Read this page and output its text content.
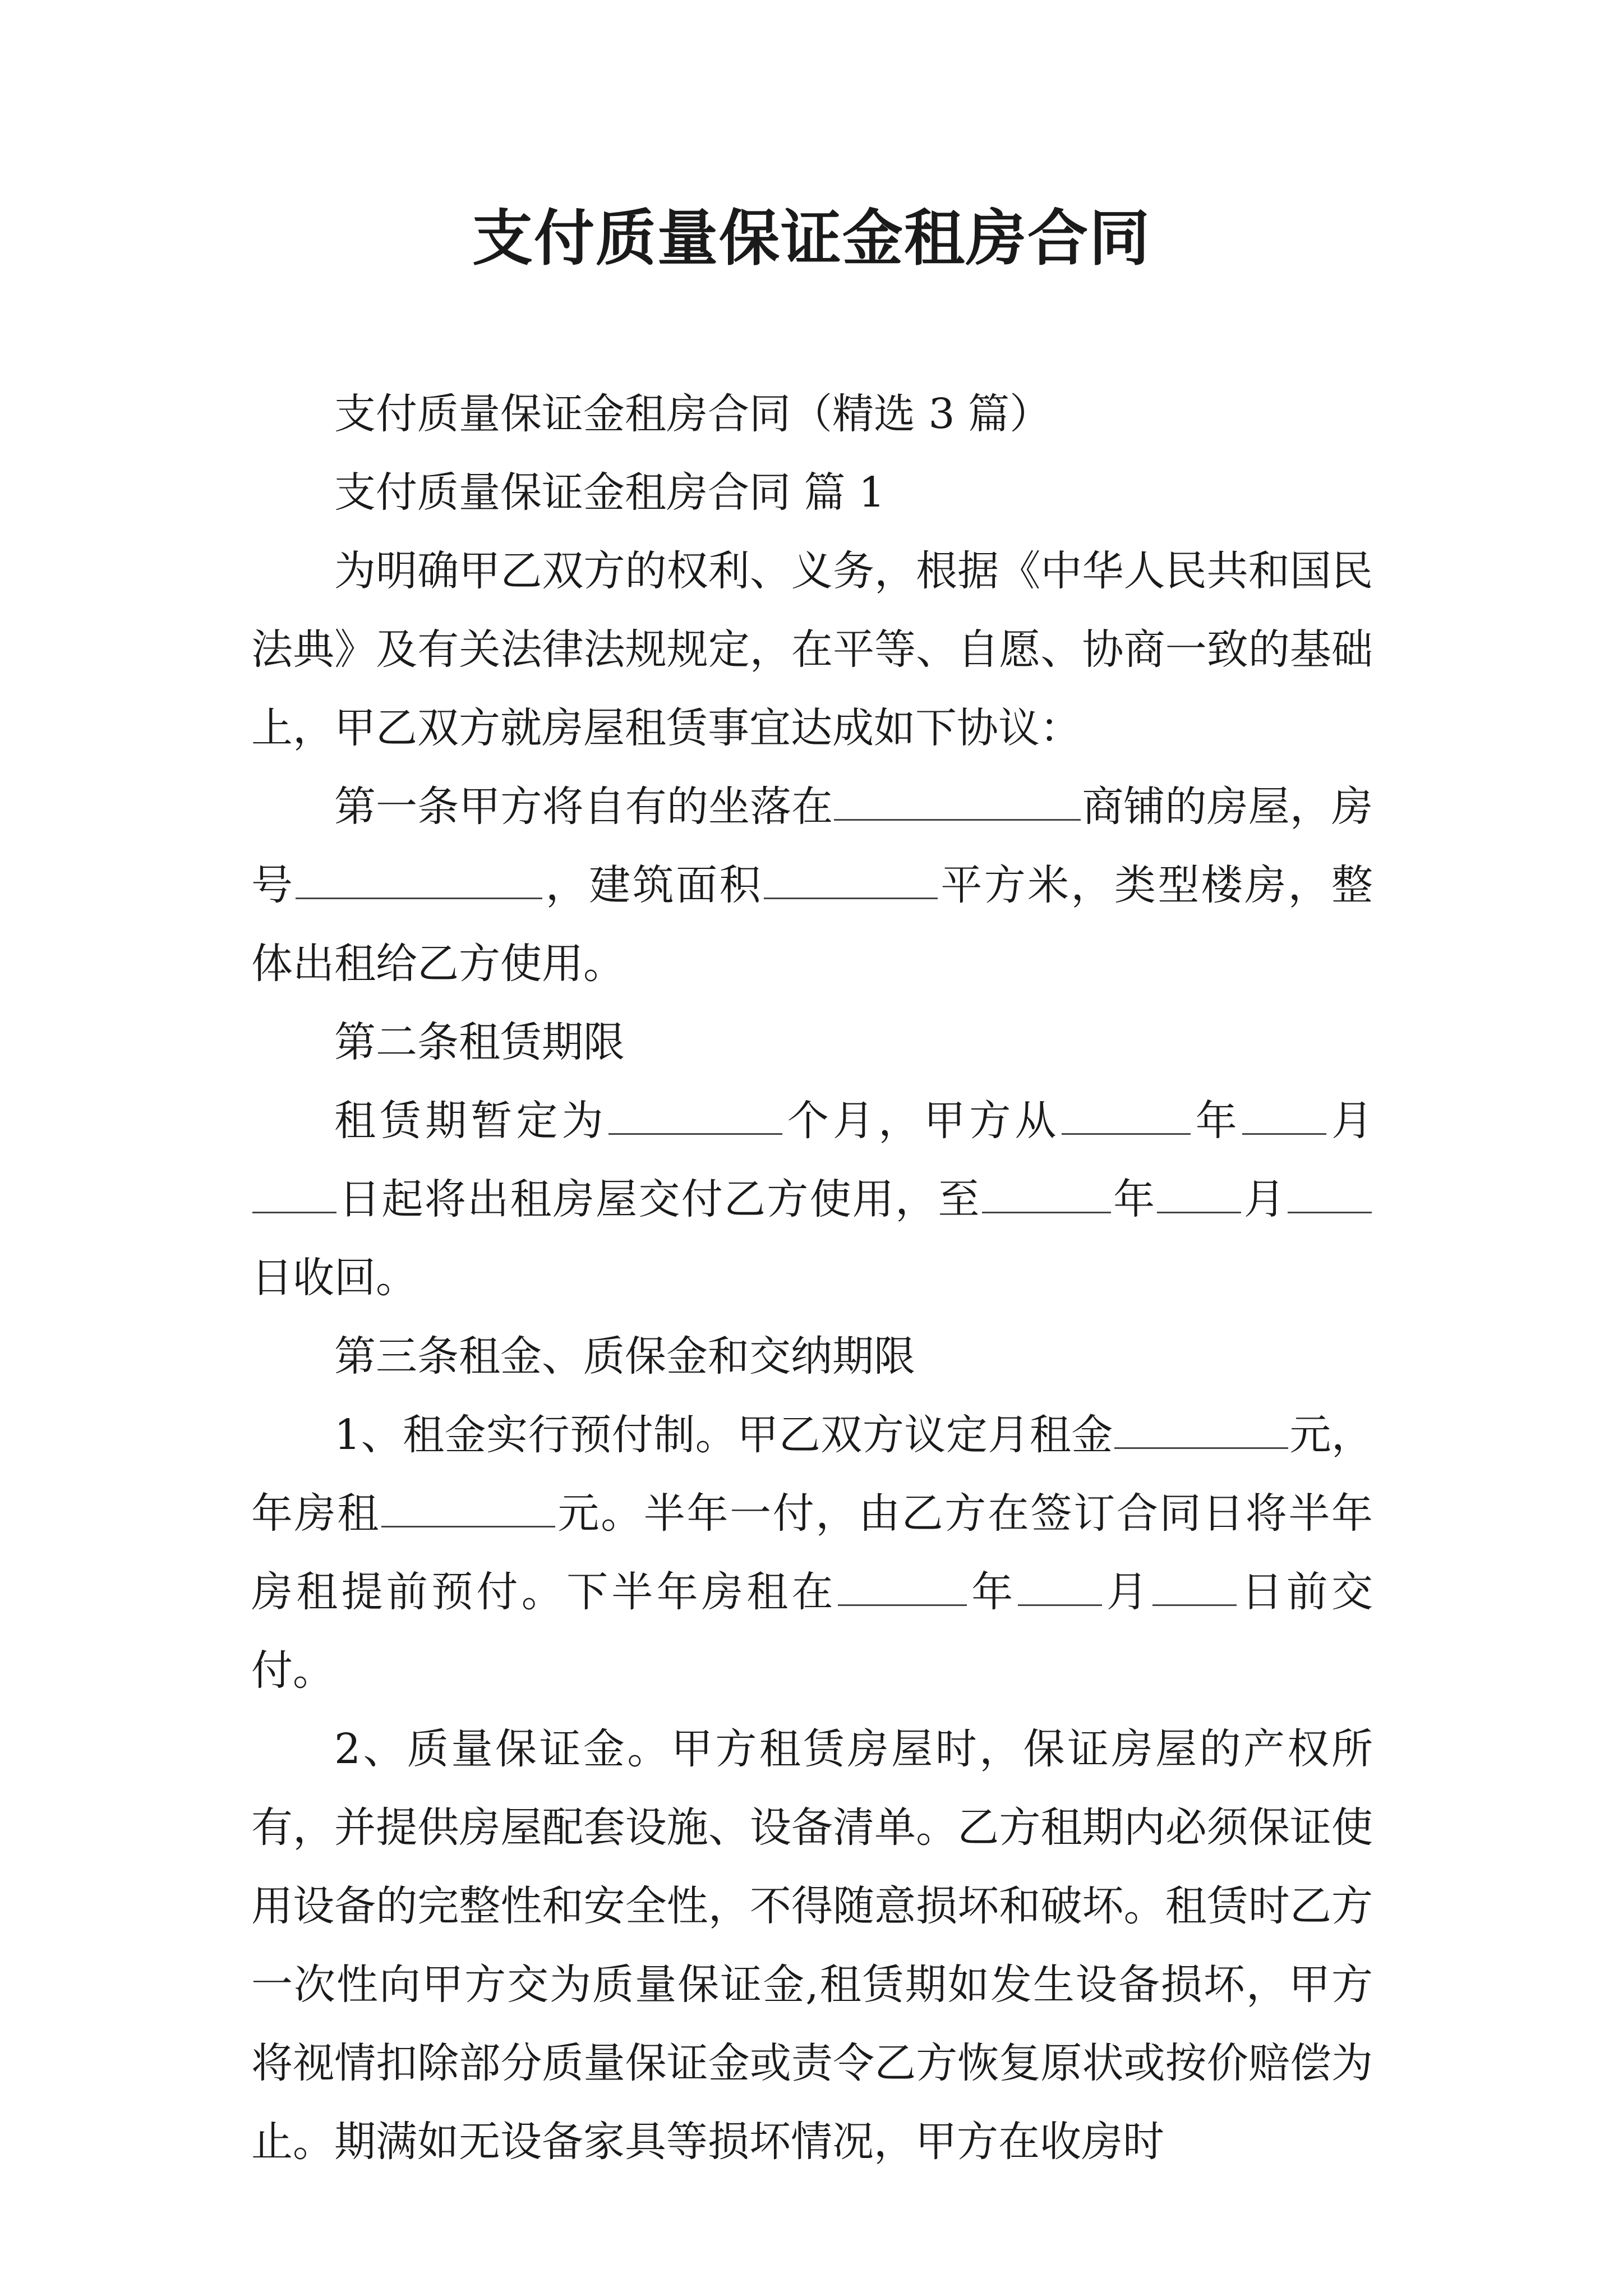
支付质量保证金租房合同

支付质量保证金租房合同（精选 3 篇）

支付质量保证金租房合同 篇 1

为明确甲乙双方的权利、义务，根据《中华人民共和国民法典》及有关法律法规规定，在平等、自愿、协商一致的基础上，甲乙双方就房屋租赁事宜达成如下协议：

第一条甲方将自有的坐落在	商铺的房屋，房号	，建筑面积	平方米，类型楼房，整体出租给乙方使用。

第二条租赁期限

租赁期暂定为	个月，甲方从	年 月日起将出租房屋交付乙方使用，至	年 月日收回。

第三条租金、质保金和交纳期限

1、租金实行预付制。甲乙双方议定月租金	元，年房租	元。半年一付，由乙方在签订合同日将半年房租提前预付。下半年房租在	年 月 日前交付。

2、质量保证金。甲方租赁房屋时，保证房屋的产权所有，并提供房屋配套设施、设备清单。乙方租期内必须保证使用设备的完整性和安全性，不得随意损坏和破坏。租赁时乙方一次性向甲方交为质量保证金,租赁期如发生设备损坏，甲方将视情扣除部分质量保证金或责令乙方恢复原状或按价赔偿为止。期满如无设备家具等损坏情况，甲方在收房时
